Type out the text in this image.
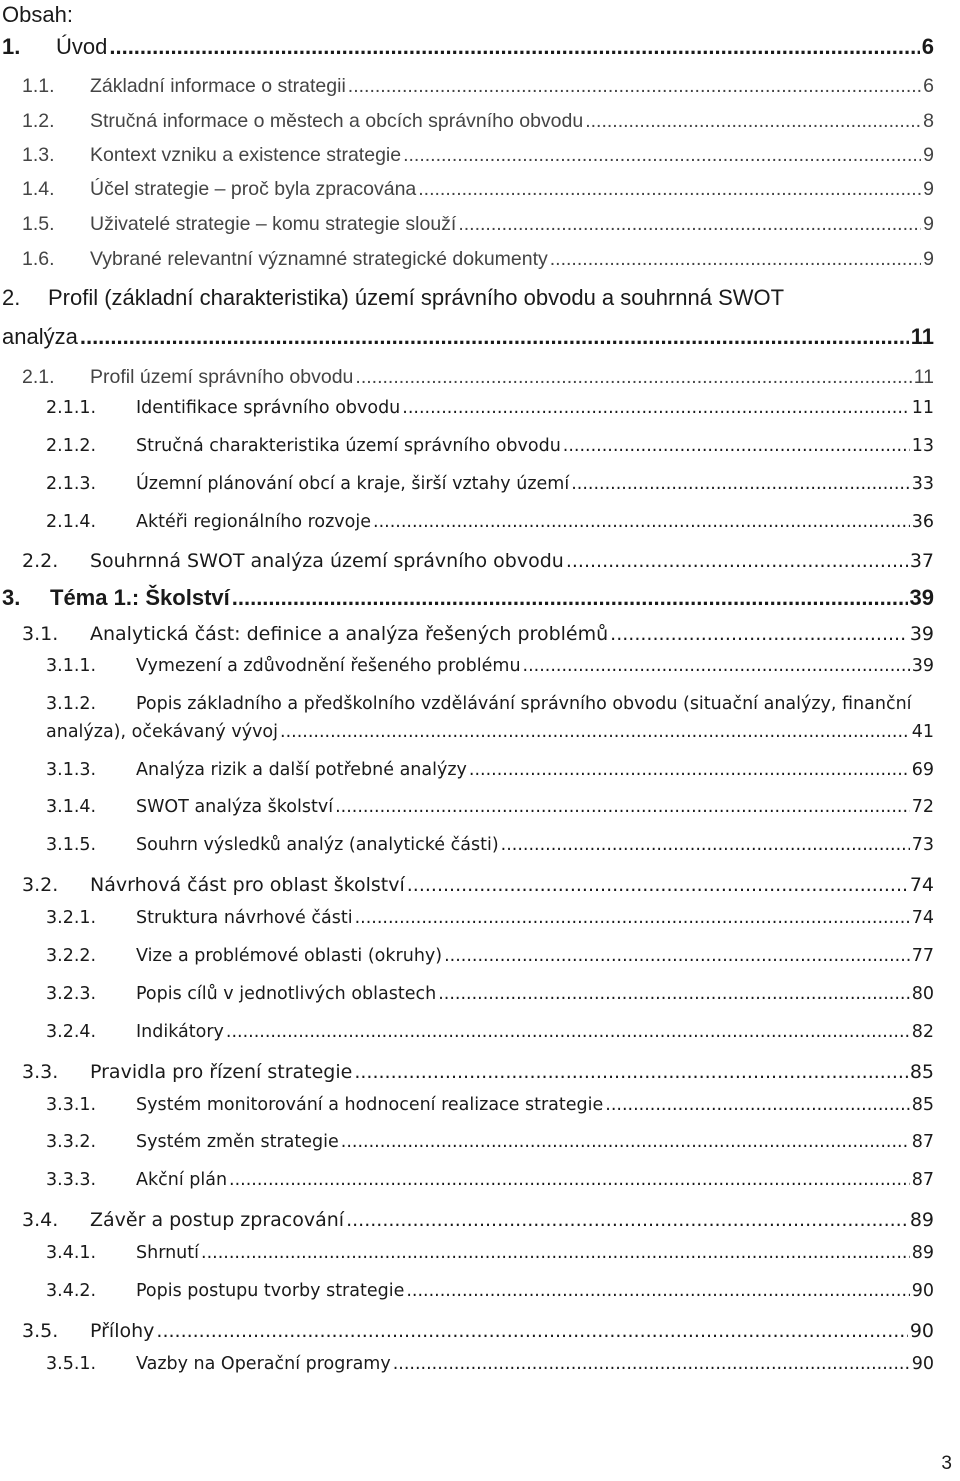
Obsah:
1.	Úvod .....	6
1.1.	Základní informace o strategii .....	6
1.2.	Stručná informace o městech a obcích správního obvodu .....	8
1.3.	Kontext vzniku a existence strategie .....	9
1.4.	Účel strategie – proč byla zpracována .....	9
1.5.	Uživatelé strategie – komu strategie slouží .....	9
1.6.	Vybrané relevantní významné strategické dokumenty .....	9
2. Profil (základní charakteristika) území správního obvodu a souhrnná SWOT
analýza .....	11
2.1.	Profil území správního obvodu .....	11
2.1.1.	Identifikace správního obvodu .....	11
2.1.2.	Stručná charakteristika území správního obvodu .....	13
2.1.3.	Územní plánování obcí a kraje, širší vztahy území .....	33
2.1.4.	Aktéři regionálního rozvoje .....	36
2.2.	Souhrnná SWOT analýza území správního obvodu .....	37
3.	Téma 1.: Školství .....	39
3.1.	Analytická část: definice a analýza řešených problémů .....	39
3.1.1.	Vymezení a zdůvodnění řešeného problému .....	39
3.1.2.	Popis základního a předškolního vzdělávání správního obvodu (situační analýzy, finanční
analýza), očekávaný vývoj .....	41
3.1.3.	Analýza rizik a další potřebné analýzy .....	69
3.1.4.	SWOT analýza školství .....	72
3.1.5.	Souhrn výsledků analýz (analytické části) .....	73
3.2.	Návrhová část pro oblast školství .....	74
3.2.1.	Struktura návrhové části .....	74
3.2.2.	Vize a problémové oblasti (okruhy) .....	77
3.2.3.	Popis cílů v jednotlivých oblastech .....	80
3.2.4.	Indikátory .....	82
3.3.	Pravidla pro řízení strategie .....	85
3.3.1.	Systém monitorování a hodnocení realizace strategie .....	85
3.3.2.	Systém změn strategie .....	87
3.3.3.	Akční plán .....	87
3.4.	Závěr a postup zpracování .....	89
3.4.1.	Shrnutí .....	89
3.4.2.	Popis postupu tvorby strategie .....	90
3.5.	Přílohy .....	90
3.5.1.	Vazby na Operační programy .....	90
3
